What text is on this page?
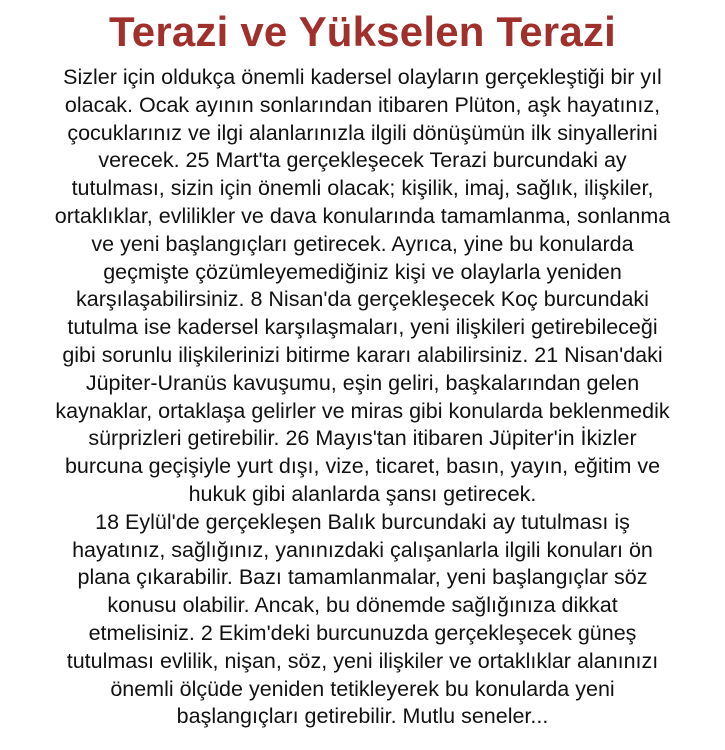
Terazi ve Yükselen Terazi
Sizler için oldukça önemli kadersel olayların gerçekleştiği bir yıl
olacak. Ocak ayının sonlarından itibaren Plüton, aşk hayatınız,
çocuklarınız ve ilgi alanlarınızla ilgili dönüşümün ilk sinyallerini
verecek. 25 Mart'ta gerçekleşecek Terazi burcundaki ay
tutulması, sizin için önemli olacak; kişilik, imaj, sağlık, ilişkiler,
ortaklıklar, evlilikler ve dava konularında tamamlanma, sonlanma
ve yeni başlangıçları getirecek. Ayrıca, yine bu konularda
geçmişte çözümleyemediğiniz kişi ve olaylarla yeniden
karşılaşabilirsiniz. 8 Nisan'da gerçekleşecek Koç burcundaki
tutulma ise kadersel karşılaşmaları, yeni ilişkileri getirebileceği
gibi sorunlu ilişkilerinizi bitirme kararı alabilirsiniz. 21 Nisan'daki
Jüpiter-Uranüs kavuşumu, eşin geliri, başkalarından gelen
kaynaklar, ortaklaşa gelirler ve miras gibi konularda beklenmedik
sürprizleri getirebilir. 26 Mayıs'tan itibaren Jüpiter'in İkizler
burcuna geçişiyle yurt dışı, vize, ticaret, basın, yayın, eğitim ve
hukuk gibi alanlarda şansı getirecek.
18 Eylül'de gerçekleşen Balık burcundaki ay tutulması iş
hayatınız, sağlığınız, yanınızdaki çalışanlarla ilgili konuları ön
plana çıkarabilir. Bazı tamamlanmalar, yeni başlangıçlar söz
konusu olabilir. Ancak, bu dönemde sağlığınıza dikkat
etmelisiniz. 2 Ekim'deki burcunuzda gerçekleşecek güneş
tutulması evlilik, nişan, söz, yeni ilişkiler ve ortaklıklar alanınızı
önemli ölçüde yeniden tetikleyerek bu konularda yeni
başlangıçları getirebilir. Mutlu seneler...
